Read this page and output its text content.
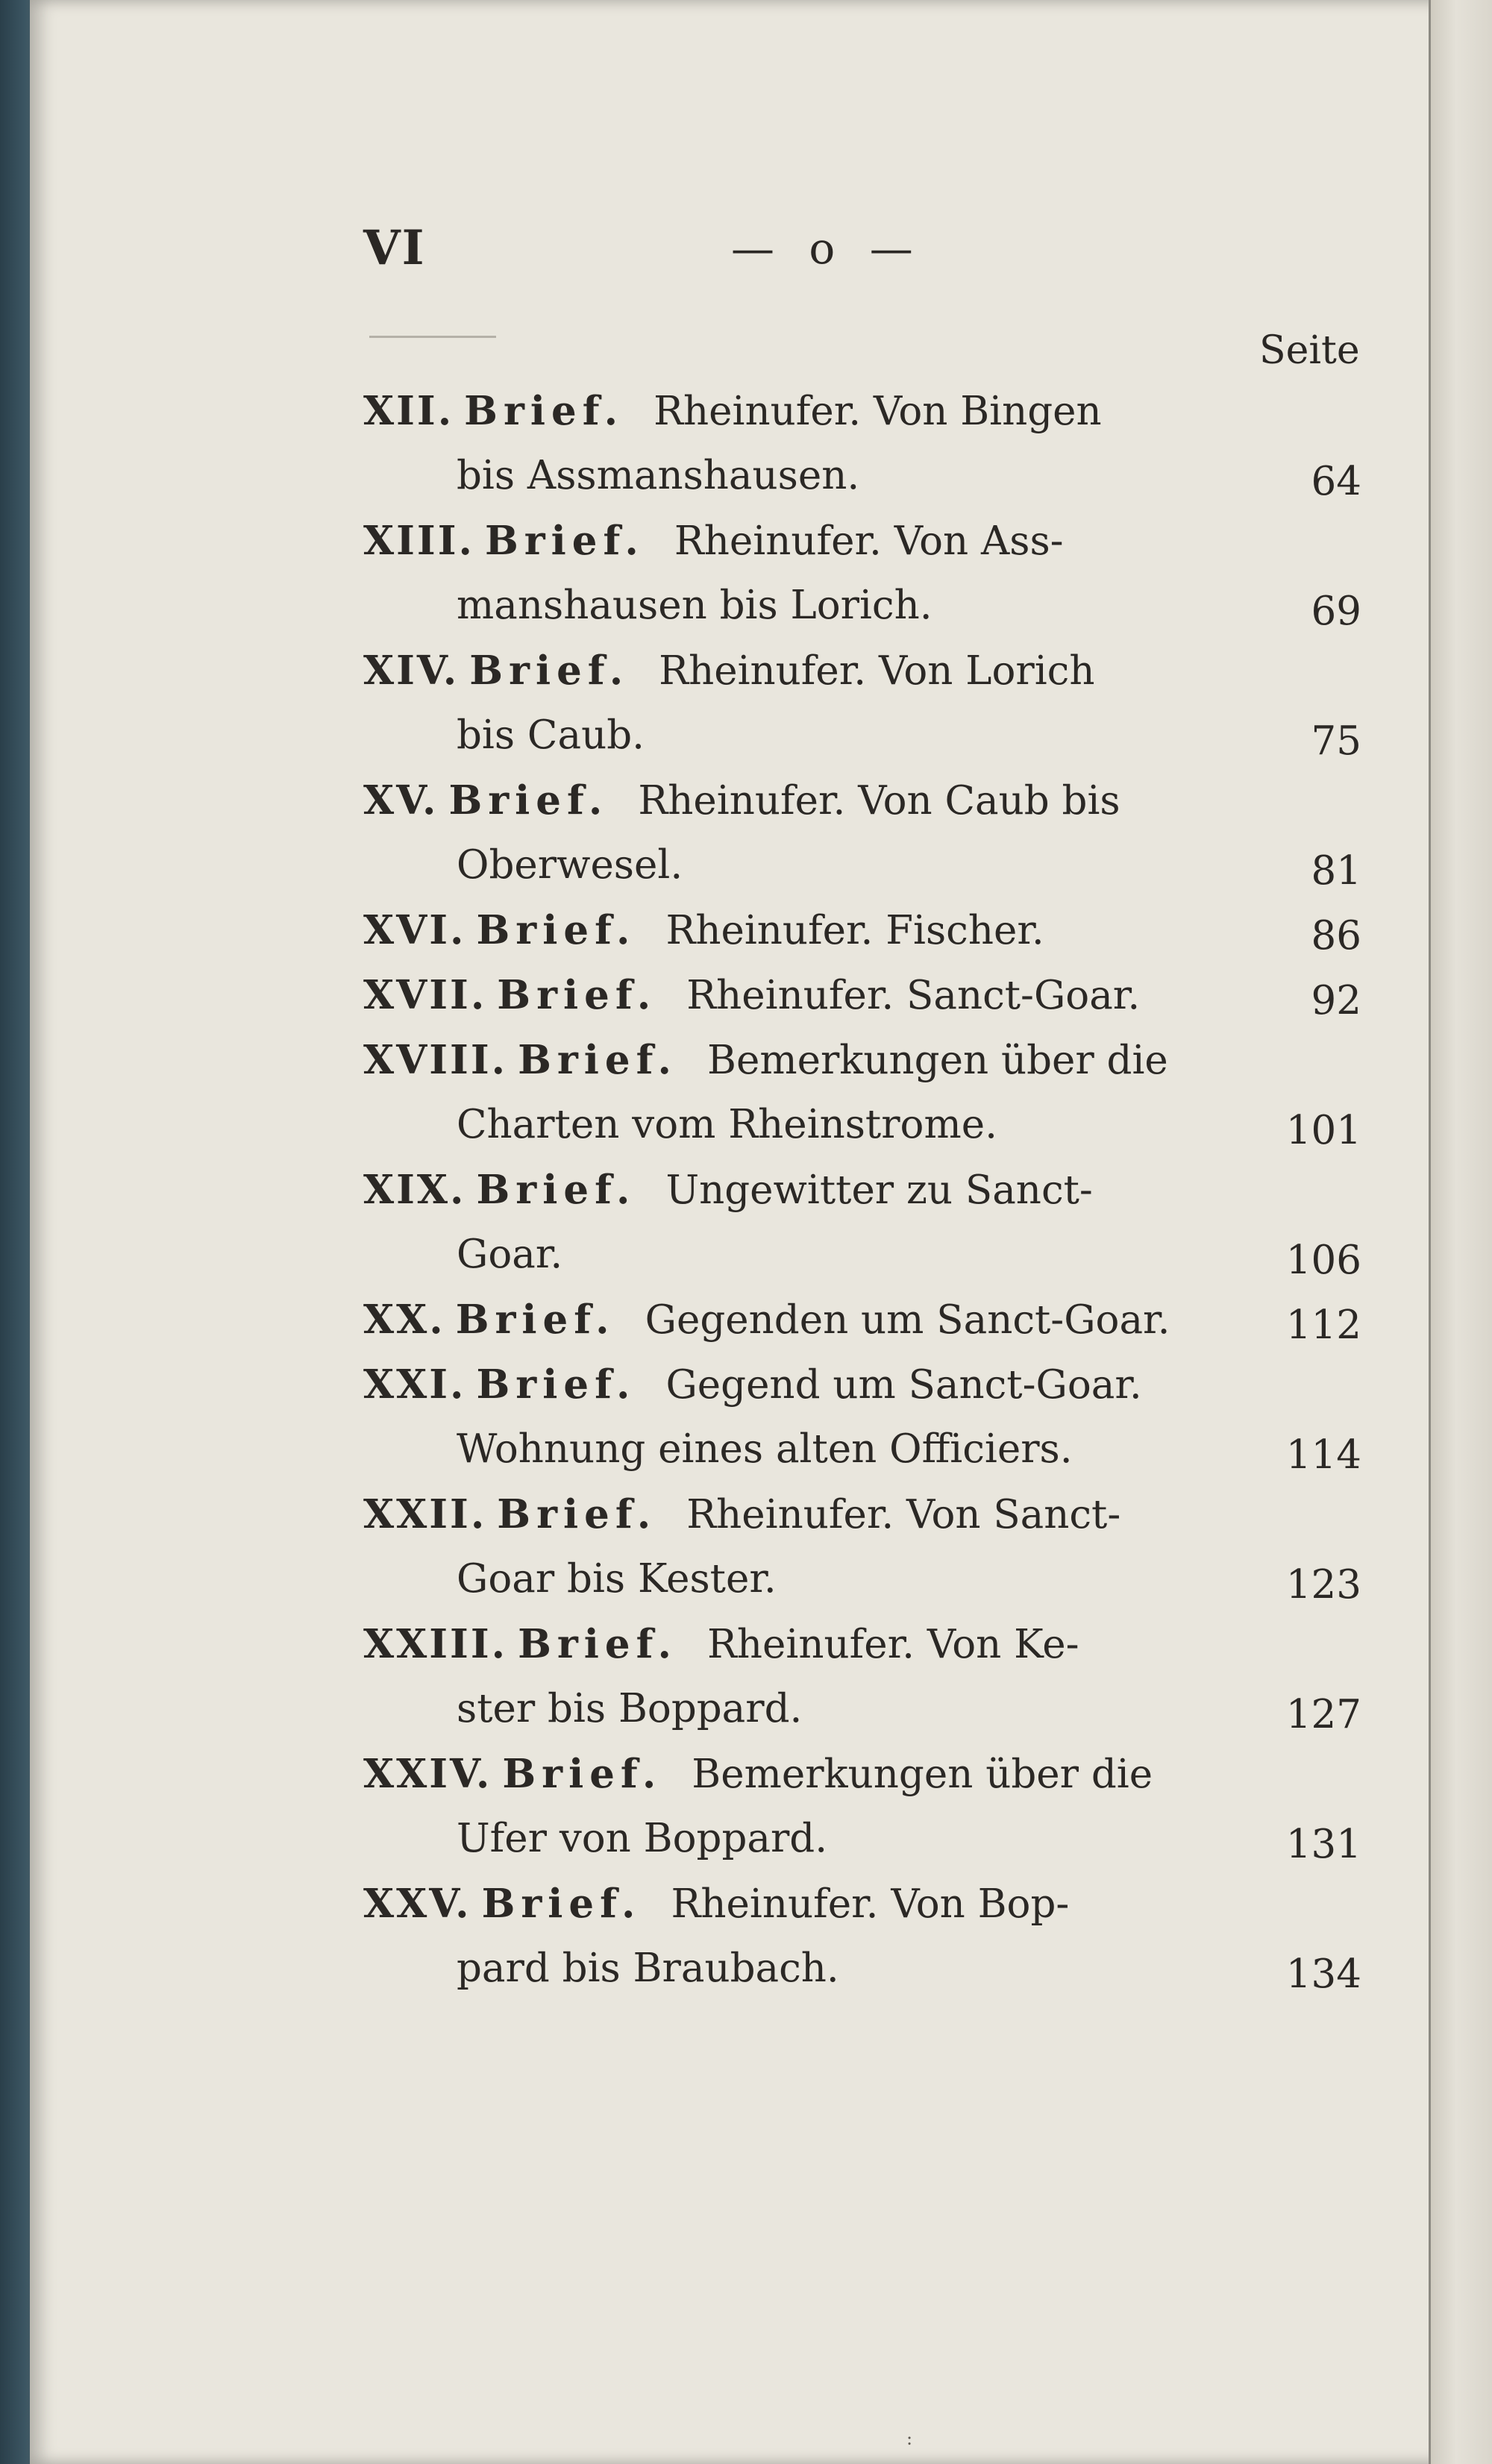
VI	— o —
Seite
XII. Brief. Rheinufer. Von Bingen
bis Assmanshausen.	64
XIII. Brief. Rheinufer. Von Ass-
manshausen bis Lorich.	69
XIV. Brief. Rheinufer. Von Lorich
bis Caub.	75
XV. Brief. Rheinufer. Von Caub bis
Oberwesel.	81
XVI. Brief. Rheinufer. Fischer.	86
XVII. Brief. Rheinufer. Sanct-Goar.	92
XVIII. Brief. Bemerkungen über die
Charten vom Rheinstrome.	101
XIX. Brief. Ungewitter zu Sanct-
Goar.	106
XX. Brief. Gegenden um Sanct-Goar.	112
XXI. Brief. Gegend um Sanct-Goar.
Wohnung eines alten Officiers.	114
XXII. Brief. Rheinufer. Von Sanct-
Goar bis Kester.	123
XXIII. Brief. Rheinufer. Von Ke-
ster bis Boppard.	127
XXIV. Brief. Bemerkungen über die
Ufer von Boppard.	131
XXV. Brief. Rheinufer. Von Bop-
pard bis Braubach.	134
:
